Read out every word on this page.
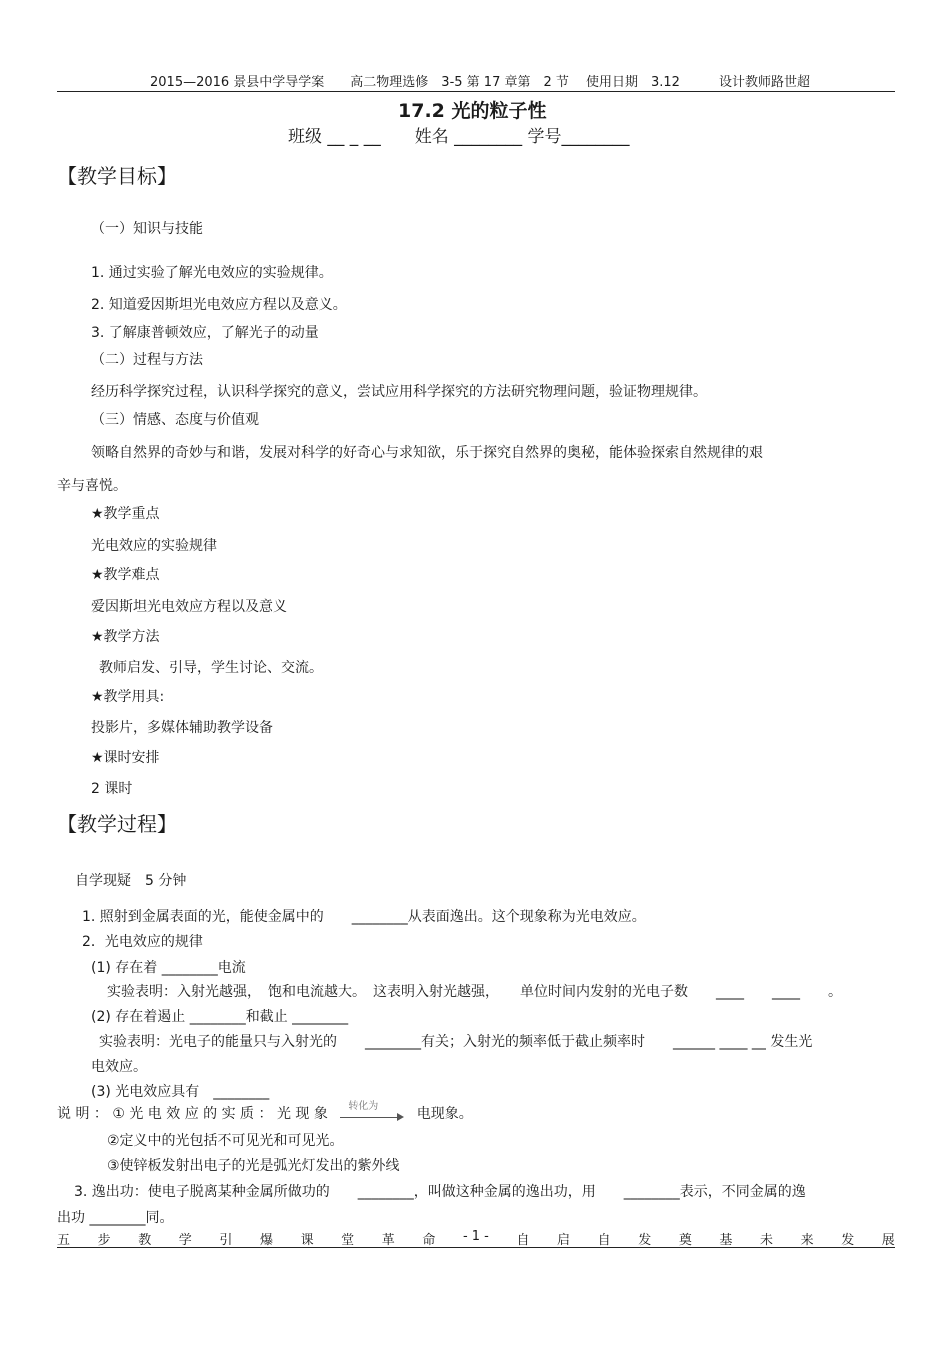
2015—2016 景县中学导学案　　高二物理选修　3-5 第 17 章第　2 节　 使用日期　3.12　　　设计教师路世超
17.2 光的粒子性
班级 __ _ __　　姓名 ________ 学号________
【教学目标】
（一）知识与技能
1. 通过实验了解光电效应的实验规律。
2. 知道爱因斯坦光电效应方程以及意义。
3. 了解康普顿效应，了解光子的动量
（二）过程与方法
经历科学探究过程，认识科学探究的意义，尝试应用科学探究的方法研究物理问题，验证物理规律。
（三）情感、态度与价值观
领略自然界的奇妙与和谐，发展对科学的好奇心与求知欲，乐于探究自然界的奥秘，能体验探索自然规律的艰
辛与喜悦。
★教学重点
光电效应的实验规律
★教学难点
爱因斯坦光电效应方程以及意义
★教学方法
教师启发、引导，学生讨论、交流。
★教学用具:
投影片，多媒体辅助教学设备
★课时安排
2 课时
【教学过程】
自学现疑　5 分钟
1. 照射到金属表面的光，能使金属中的　　________从表面逸出。这个现象称为光电效应。
2．光电效应的规律
(1) 存在着 ________电流
实验表明：入射光越强，　饱和电流越大。　这表明入射光越强，　　单位时间内发射的光电子数　　____　　____　　。
(2) 存在着遏止 ________和截止 ________
实验表明：光电子的能量只与入射光的　　________有关；入射光的频率低于截止频率时　　______ ____ __ 发生光
电效应。
(3) 光电效应具有　________
说 明 ： ① 光 电 效 应 的 实 质 ： 光 现 象 转化为	电现象。
②定义中的光包括不可见光和可见光。
③使锌板发射出电子的光是弧光灯发出的紫外线
3. 逸出功：使电子脱离某种金属所做功的　　________，叫做这种金属的逸出功，用　　________表示，不同金属的逸
出功 ________同。
五 步 教 学 引 爆 课 堂 革 命 - 1 - 自 启 自 发 奠 基 未 来 发 展
